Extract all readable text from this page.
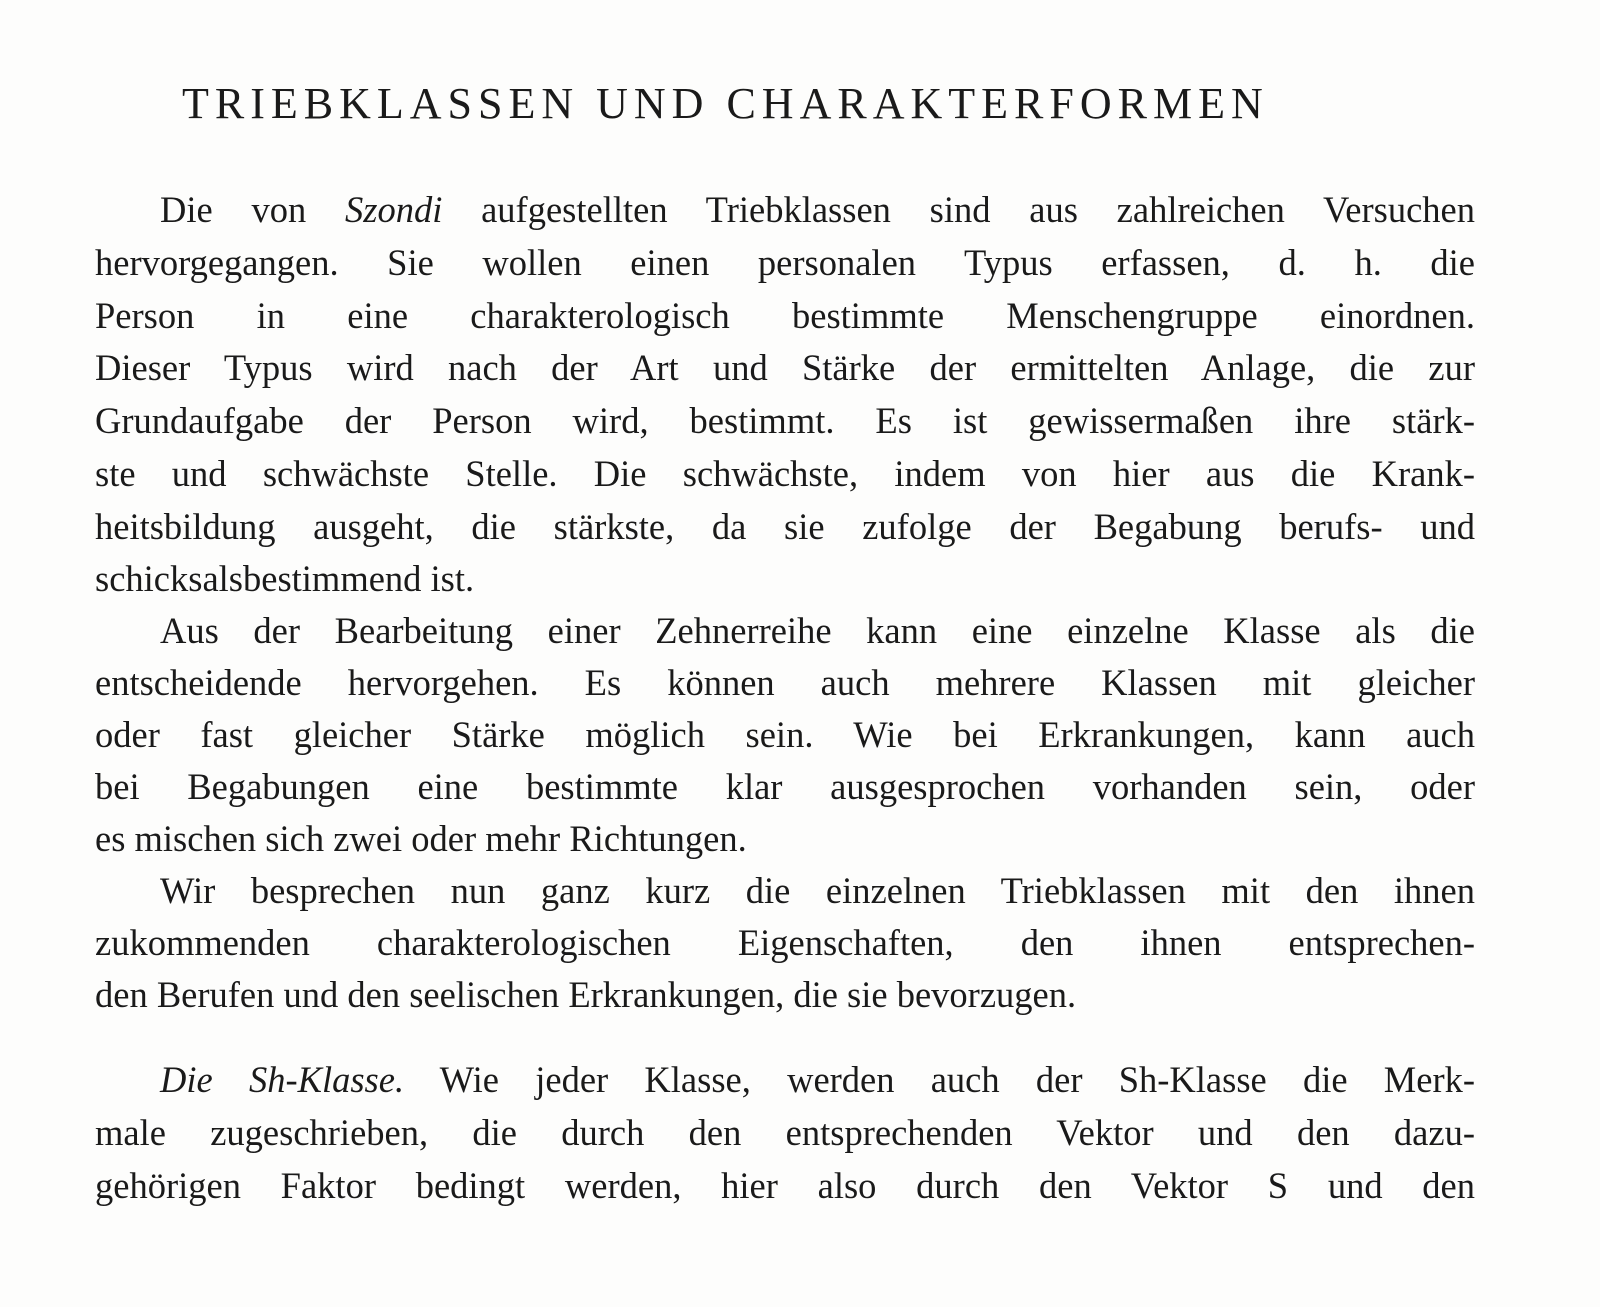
TRIEBKLASSEN UND CHARAKTERFORMEN
Die von Szondi aufgestellten Triebklassen sind aus zahlreichen Versuchen
hervorgegangen. Sie wollen einen personalen Typus erfassen, d. h. die
Person in eine charakterologisch bestimmte Menschengruppe einordnen.
Dieser Typus wird nach der Art und Stärke der ermittelten Anlage, die zur
Grundaufgabe der Person wird, bestimmt. Es ist gewissermaßen ihre stärk-
ste und schwächste Stelle. Die schwächste, indem von hier aus die Krank-
heitsbildung ausgeht, die stärkste, da sie zufolge der Begabung berufs- und
schicksalsbestimmend ist.
Aus der Bearbeitung einer Zehnerreihe kann eine einzelne Klasse als die
entscheidende hervorgehen. Es können auch mehrere Klassen mit gleicher
oder fast gleicher Stärke möglich sein. Wie bei Erkrankungen, kann auch
bei Begabungen eine bestimmte klar ausgesprochen vorhanden sein, oder
es mischen sich zwei oder mehr Richtungen.
Wir besprechen nun ganz kurz die einzelnen Triebklassen mit den ihnen
zukommenden charakterologischen Eigenschaften, den ihnen entsprechen-
den Berufen und den seelischen Erkrankungen, die sie bevorzugen.
Die Sh-Klasse. Wie jeder Klasse, werden auch der Sh-Klasse die Merk-
male zugeschrieben, die durch den entsprechenden Vektor und den dazu-
gehörigen Faktor bedingt werden, hier also durch den Vektor S und den
